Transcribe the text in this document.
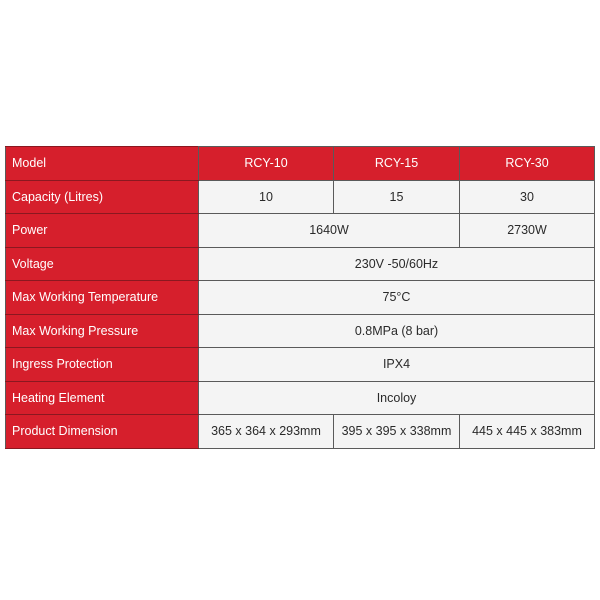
Model	RCY-10	RCY-15	RCY-30
Capacity (Litres)	10	15	30
Power	1640W		2730W
Voltage	230V -50/60Hz		
Max Working Temperature	75°C		
Max Working Pressure	0.8MPa (8 bar)		
Ingress Protection	IPX4		
Heating Element	Incoloy		
Product Dimension	365 x 364 x 293mm	395 x 395 x 338mm	445 x 445 x 383mm
